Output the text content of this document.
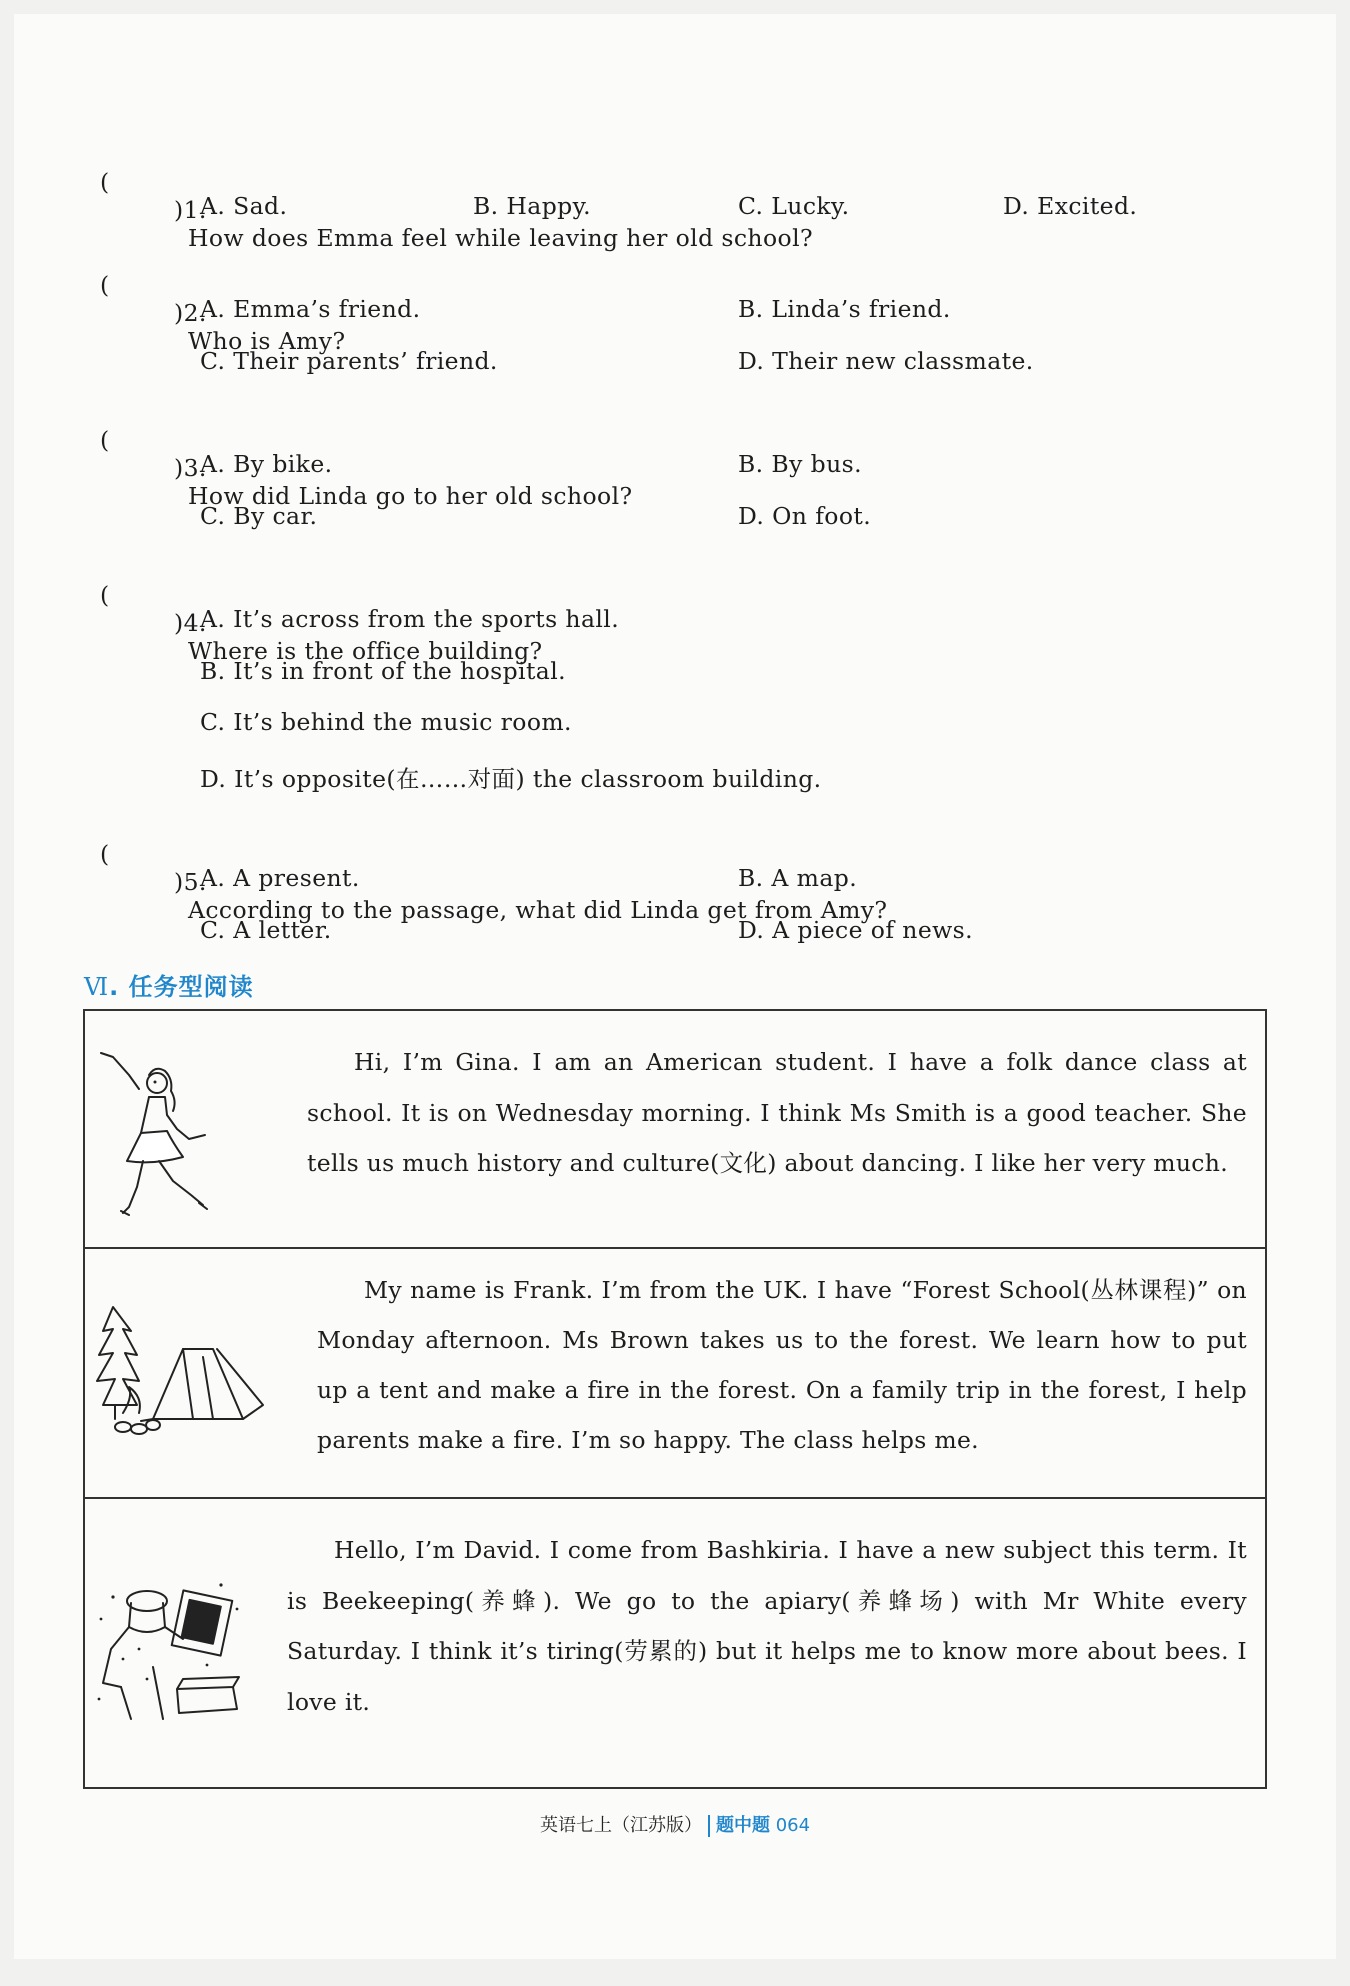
(

)1.

How does Emma feel while leaving her old school?

A. Sad.	B. Happy.	C. Lucky.	D. Excited.

(

)2.

Who is Amy?

A. Emma’s friend.	B. Linda’s friend.
C. Their parents’ friend.	D. Their new classmate.

(

)3.

How did Linda go to her old school?

A. By bike.	B. By bus.
C. By car.	D. On foot.

(

)4.

Where is the office building?

A. It’s across from the sports hall.
B. It’s in front of the hospital.
C. It’s behind the music room.
D. It’s opposite(在……对面) the classroom building.

(

)5.

According to the passage, what did Linda get from Amy?

A. A present.	B. A map.
C. A letter.	D. A piece of news.
Ⅵ. 任务型阅读

Hi, I’m Gina. I am an American student. I have a folk dance class at school. It is on Wednesday morning. I think Ms Smith is a good teacher. She tells us much history and culture(文化) about dancing. I like her very much.

My name is Frank. I’m from the UK. I have “Forest School(丛林课程)” on Monday afternoon. Ms Brown takes us to the forest. We learn how to put up a tent and make a fire in the forest. On a family trip in the forest, I help parents make a fire. I’m so happy. The class helps me.

Hello, I’m David. I come from Bashkiria. I have a new subject this term. It is Beekeeping(养蜂). We go to the apiary(养蜂场) with Mr White every Saturday. I think it’s tiring(劳累的) but it helps me to know more about bees. I love it.

英语七上（江苏版） 题中题 064
